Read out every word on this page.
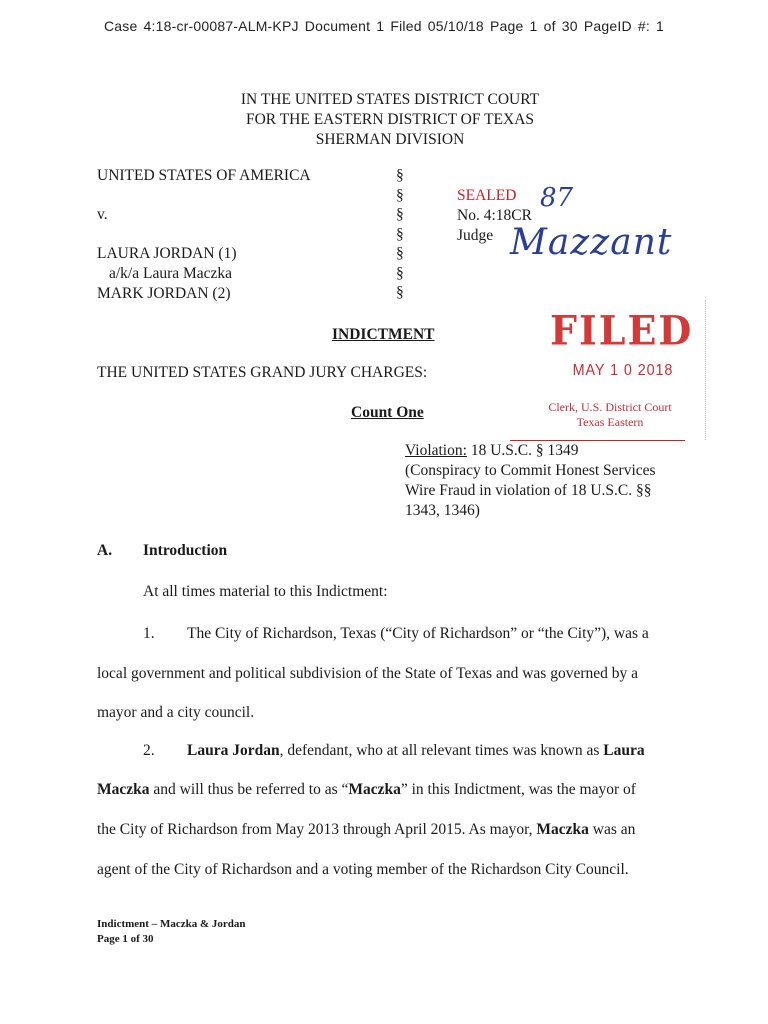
Case 4:18-cr-00087-ALM-KPJ Document 1 Filed 05/10/18 Page 1 of 30 PageID #: 1
IN THE UNITED STATES DISTRICT COURT
FOR THE EASTERN DISTRICT OF TEXAS
SHERMAN DIVISION
UNITED STATES OF AMERICA
v.
LAURA JORDAN (1)
a/k/a Laura Maczka
MARK JORDAN (2)
§
§
§
§
§
§
§
SEALED
No. 4:18CR
87
Judge Mazzant
FILED
MAY 1 0 2018
Clerk, U.S. District Court
Texas Eastern
INDICTMENT
THE UNITED STATES GRAND JURY CHARGES:
Count One
Violation: 18 U.S.C. § 1349
(Conspiracy to Commit Honest Services
Wire Fraud in violation of 18 U.S.C. §§
1343, 1346)
A. Introduction
At all times material to this Indictment:
1. The City of Richardson, Texas (“City of Richardson” or “the City”), was a
local government and political subdivision of the State of Texas and was governed by a
mayor and a city council.
2. Laura Jordan, defendant, who at all relevant times was known as Laura
Maczka and will thus be referred to as “Maczka” in this Indictment, was the mayor of
the City of Richardson from May 2013 through April 2015. As mayor, Maczka was an
agent of the City of Richardson and a voting member of the Richardson City Council.
Indictment – Maczka & Jordan
Page 1 of 30
